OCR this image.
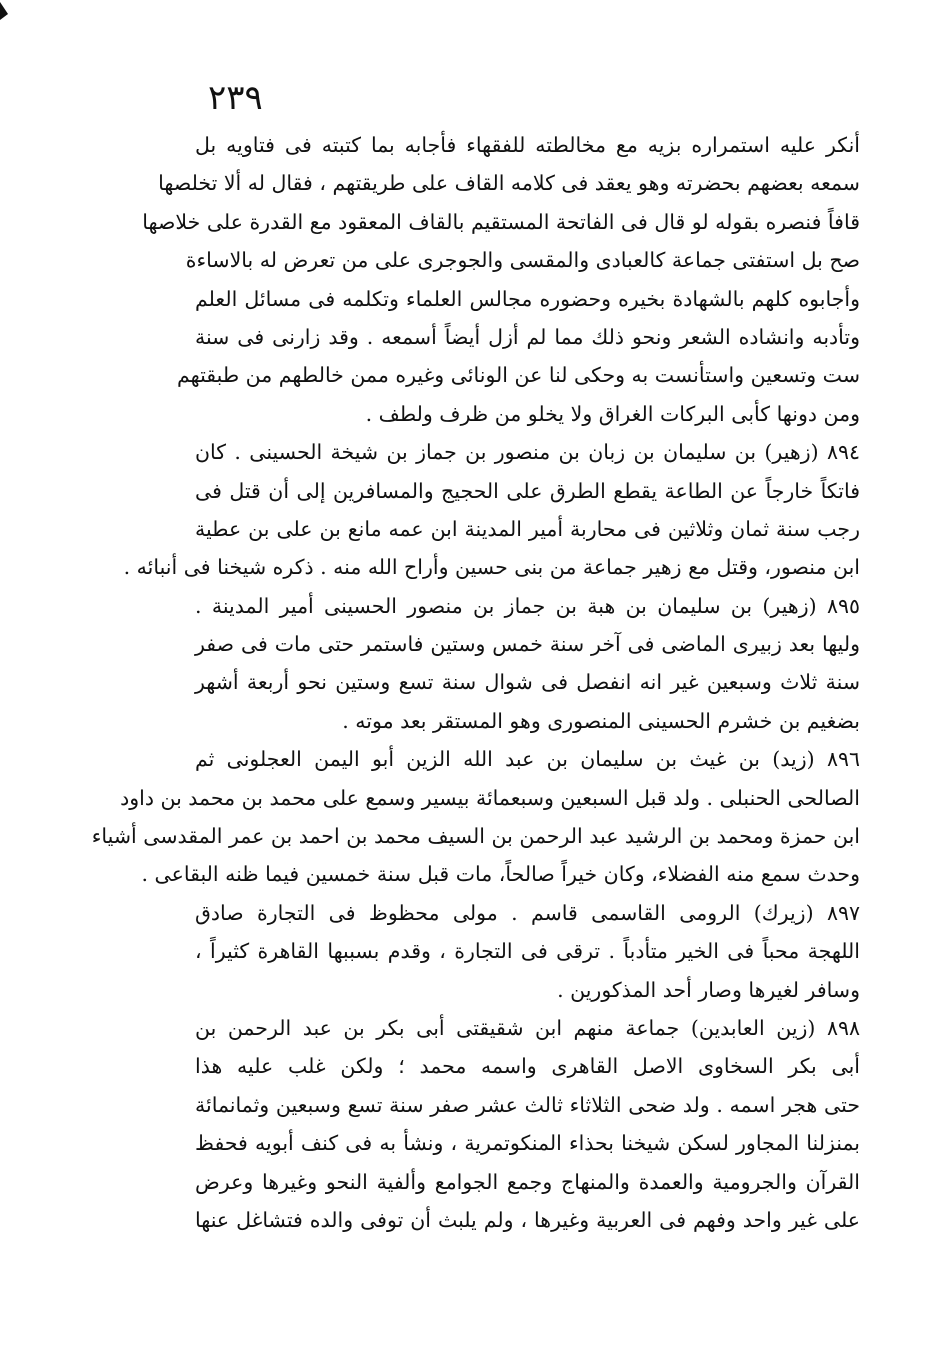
٢٣٩
أنكر عليه استمراره بزيه مع مخالطته للفقهاء فأجابه بما كتبته فى فتاويه بل
سمعه بعضهم بحضرته وهو يعقد فى كلامه القاف على طريقتهم ، فقال له ألا تخلصها
قافاً فنصره بقوله لو قال فى الفاتحة المستقيم بالقاف المعقود مع القدرة على خلاصها
صح بل استفتى جماعة كالعبادى والمقسى والجوجرى على من تعرض له بالاساءة
وأجابوه كلهم بالشهادة بخيره وحضوره مجالس العلماء وتكلمه فى مسائل العلم
وتأدبه وانشاده الشعر ونحو ذلك مما لم أزل أيضاً أسمعه . وقد زارنى فى سنة
ست وتسعين واستأنست به وحكى لنا عن الونائى وغيره ممن خالطهم من طبقتهم
ومن دونها كأبى البركات الغراق ولا يخلو من ظرف ولطف .
٨٩٤ (زهير) بن سليمان بن زبان بن منصور بن جماز بن شيخة الحسينى . كان
فاتكاً خارجاً عن الطاعة يقطع الطرق على الحجيج والمسافرين إلى أن قتل فى
رجب سنة ثمان وثلاثين فى محاربة أمير المدينة ابن عمه مانع بن على بن عطية
ابن منصور، وقتل مع زهير جماعة من بنى حسين وأراح الله منه . ذكره شيخنا فى أنبائه .
٨٩٥ (زهير) بن سليمان بن هبة بن جماز بن منصور الحسينى أمير المدينة .
وليها بعد زبيرى الماضى فى آخر سنة خمس وستين فاستمر حتى مات فى صفر
سنة ثلاث وسبعين غير انه انفصل فى شوال سنة تسع وستين نحو أربعة أشهر
بضغيم بن خشرم الحسينى المنصورى وهو المستقر بعد موته .
٨٩٦ (زيد) بن غيث بن سليمان بن عبد الله الزين أبو اليمن العجلونى ثم
الصالحى الحنبلى . ولد قبل السبعين وسبعمائة بيسير وسمع على محمد بن محمد بن داود
ابن حمزة ومحمد بن الرشيد عبد الرحمن بن السيف محمد بن احمد بن عمر المقدسى أشياء
وحدث سمع منه الفضلاء، وكان خيراً صالحاً، مات قبل سنة خمسين فيما ظنه البقاعى .
٨٩٧ (زيرك) الرومى القاسمى قاسم . مولى محظوظ فى التجارة صادق
اللهجة محباً فى الخير متأدباً . ترقى فى التجارة ، وقدم بسببها القاهرة كثيراً ،
وسافر لغيرها وصار أحد المذكورين .
٨٩٨ (زين العابدين) جماعة منهم ابن شقيقتى أبى بكر بن عبد الرحمن بن
أبى بكر السخاوى الاصل القاهرى واسمه محمد ؛ ولكن غلب عليه هذا
حتى هجر اسمه . ولد ضحى الثلاثاء ثالث عشر صفر سنة تسع وسبعين وثمانمائة
بمنزلنا المجاور لسكن شيخنا بحذاء المنكوتمرية ، ونشأ به فى كنف أبويه فحفظ
القرآن والجرومية والعمدة والمنهاج وجمع الجوامع وألفية النحو وغيرها وعرض
على غير واحد وفهم فى العربية وغيرها ، ولم يلبث أن توفى والده فتشاغل عنها
